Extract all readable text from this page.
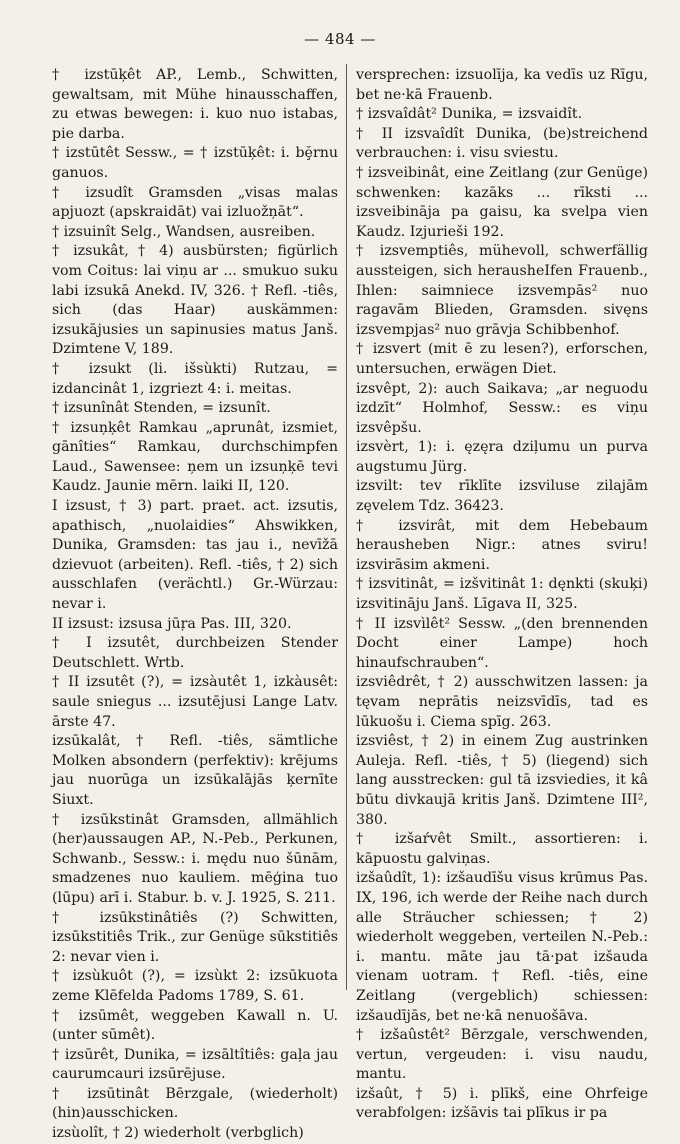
— 484 —

† izstūķêt AP., Lemb., Schwitten, gewaltsam, mit Mühe hinausschaffen, zu etwas bewegen: i. kuo nuo istabas, pie darba.

† izstūtêt Sessw., = † izstūķêt: i. bḝrnu ganuos.

† izsudît Gramsden „visas malas apjuozt (apskraidāt) vai izluožņāt“.

† izsuinît Selg., Wandsen, ausreiben.

† izsukât, † 4) ausbürsten; figürlich vom Coitus: lai viņu ar ... smukuo suku labi izsukā Anekd. IV, 326. † Refl. -tiês, sich (das Haar) auskämmen: izsukājusies un sapinusies matus Janš. Dzimtene V, 189.

† izsukt (li. išsùkti) Rutzau, = izdancinât 1, izgriezt 4: i. meitas.

† izsunînât Stenden, = izsunît.

† izsuņķêt Ramkau „aprunât, izsmiet, gānîties“ Ramkau, durchschimpfen Laud., Sawensee: ņem un izsuņķē tevi Kaudz. Jaunie mērn. laiki II, 120.

I izsust, † 3) part. praet. act. izsutis, apathisch, „nuolaidies“ Ahswikken, Dunika, Gramsden: tas jau i., nevīžā dzievuot (arbeiten). Refl. -tiês, † 2) sich ausschlafen (verächtl.) Gr.-Würzau: nevar i.

II izsust: izsusa jūŗa Pas. III, 320.

† I izsutêt, durchbeizen Stender Deutschlett. Wrtb.

† II izsutêt (?), = izsàutêt 1, izkàusêt: saule sniegus ... izsutējusi Lange Latv. ārste 47.

izsūkalât, † Refl. -tiês, sämtliche Molken absondern (perfektiv): krējums jau nuorūga un izsūkalājās ķernīte Siuxt.

† izsūkstinât Gramsden, allmählich (her)aussaugen AP., N.-Peb., Perkunen, Schwanb., Sessw.: i. mędu nuo šūnām, smadzenes nuo kauliem. mēģina tuo (lūpu) arī i. Stabur. b. v. J. 1925, S. 211.

† izsūkstinâtiês (?) Schwitten, izsūkstitiês Trik., zur Genüge sūkstitiês 2: nevar vien i.

† izsùkuôt (?), = izsùkt 2: izsūkuota zeme Klēfelda Padoms 1789, S. 61.

† izsūmêt, weggeben Kawall n. U. (unter sūmêt).

† izsūrêt, Dunika, = izsāltîtiês: gaļa jau caurumcauri izsūrējuse.

† izsūtinât Bērzgale, (wiederholt) (hin)ausschicken.

izsùolît, † 2) wiederholt (verbglich)

versprechen: izsuolīja, ka vedīs uz Rīgu, bet ne·kā Frauenb.

† izsvaîdât² Dunika, = izsvaidît.

† II izsvaîdît Dunika, (be)streichend verbrauchen: i. visu sviestu.

† izsveibinât, eine Zeitlang (zur Genüge) schwenken: kazāks ... rīksti ... izsveibināja pa gaisu, ka svelpa vien Kaudz. Izjurieši 192.

† izsvemptiês, mühevoll, schwerfällig aussteigen, sich herausheIfen Frauenb., Ihlen: saimniece izsvempās² nuo ragavām Blieden, Gramsden. sivęns izsvempjas² nuo grāvja Schibbenhof.

† izsvert (mit ē zu lesen?), erforschen, untersuchen, erwägen Diet.

izsvêpt, 2): auch Saikava; „ar neguodu izdzīt“ Holmhof, Sessw.: es viņu izsvêpšu.

izsvèrt, 1): i. ęzęra dziļumu un purva augstumu Jürg.

izsvilt: tev rīklīte izsviluse zilajām zęvelem Tdz. 36423.

† izsvirât, mit dem Hebebaum herausheben Nigr.: atnes sviru! izsvirāsim akmeni.

† izsvitinât, = izšvitinât 1: dęnkti (skuķi) izsvitināju Janš. Līgava II, 325.

† II izsvìlêt² Sessw. „(den brennenden Docht einer Lampe) hoch hinaufschrauben“.

izsviêdrêt, † 2) ausschwitzen lassen: ja tęvam neprātis neizsvīdīs, tad es lūkuošu i. Ciema spīg. 263.

izsviêst, † 2) in einem Zug austrinken Auleja. Refl. -tiês, † 5) (liegend) sich lang ausstrecken: gul tā izsviedies, it kâ būtu divkaujā kritis Janš. Dzimtene III², 380.

† izšaŕvêt Smilt., assortieren: i. kāpuostu galviņas.

izšaûdît, 1): izšaudīšu visus krūmus Pas. IX, 196, ich werde der Reihe nach durch alle Sträucher schiessen; † 2) wiederholt weggeben, verteilen N.-Peb.: i. mantu. māte jau tā·pat izšauda vienam uotram. † Refl. -tiês, eine Zeitlang (vergeblich) schiessen: izšaudījās, bet ne·kā nenuošāva.

† izšaûstêt² Bērzgale, verschwenden, vertun, vergeuden: i. visu naudu, mantu.

izšaût, † 5) i. plīkš, eine Ohrfeige verabfolgen: izšāvis tai plīkus ir pa
